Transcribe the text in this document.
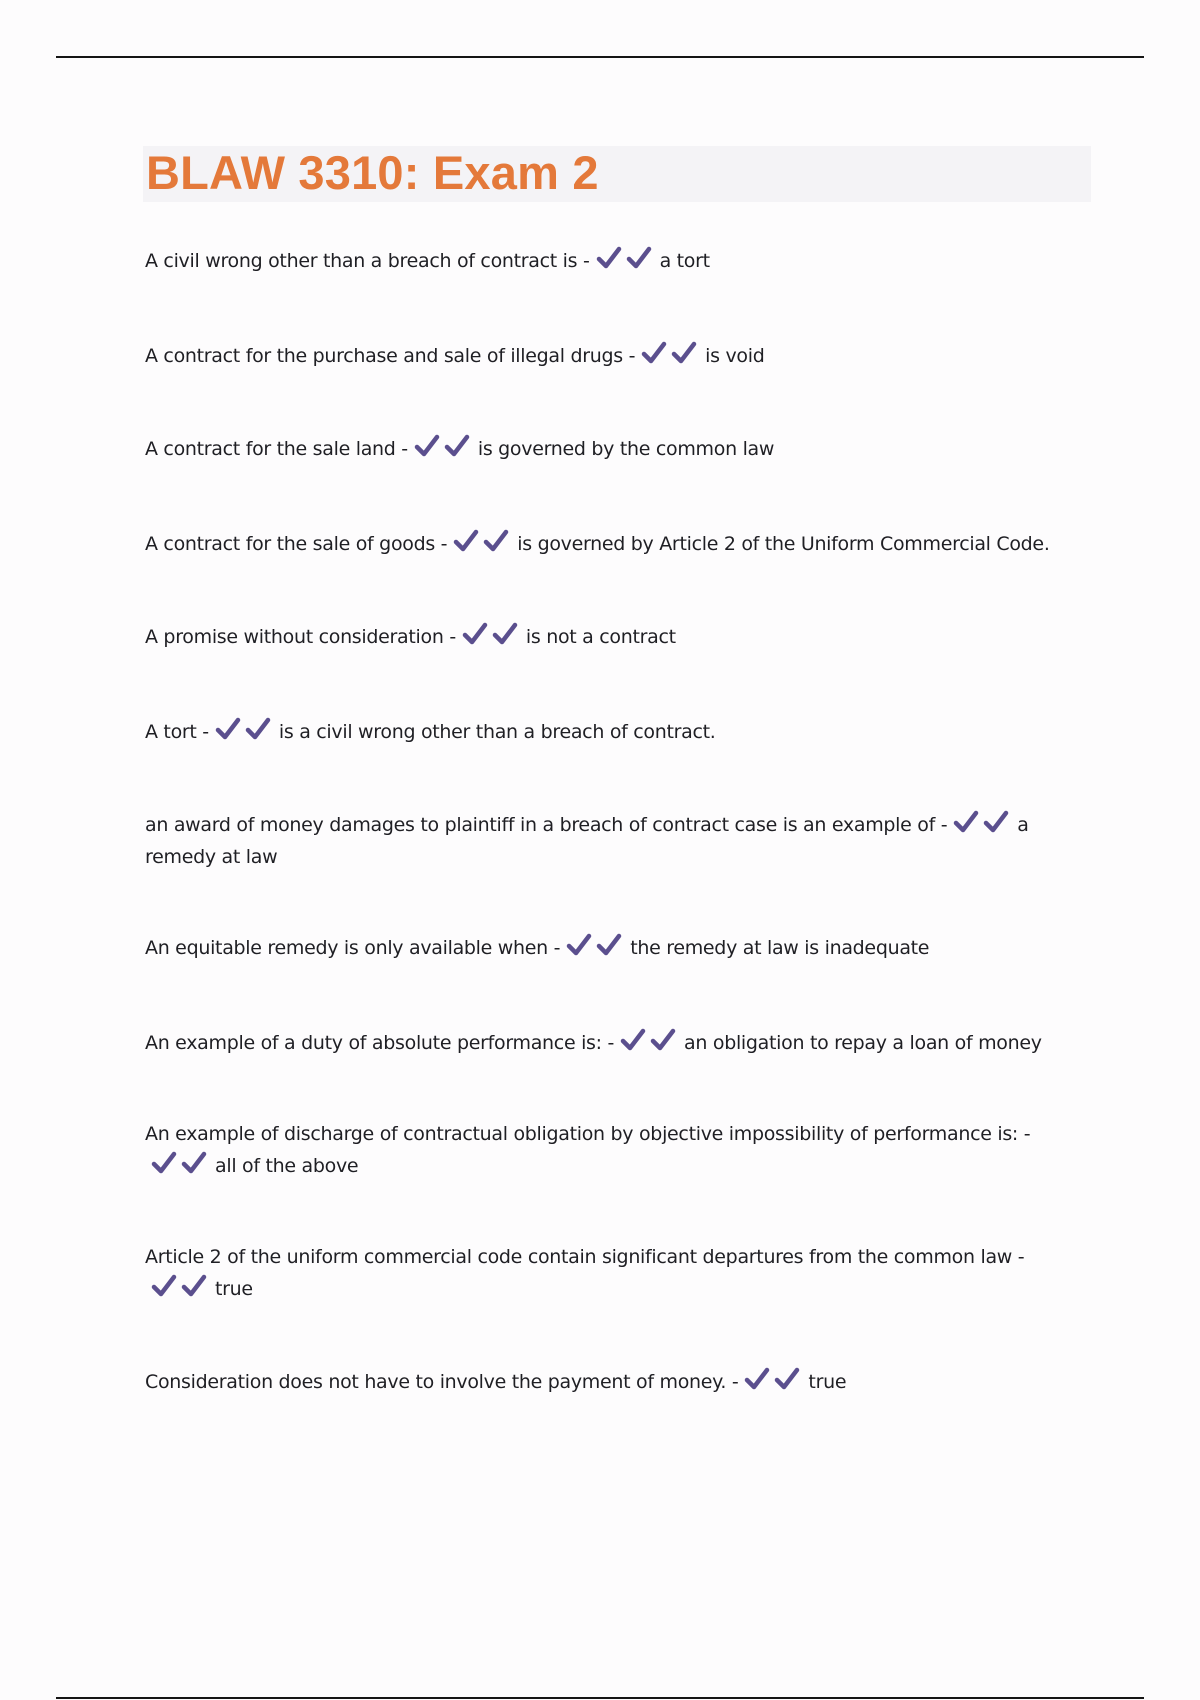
BLAW 3310: Exam 2
A civil wrong other than a breach of contract is -	a tort
A contract for the purchase and sale of illegal drugs -	is void
A contract for the sale land -	is governed by the common law
A contract for the sale of goods -	is governed by Article 2 of the Uniform Commercial Code.
A promise without consideration -	is not a contract
A tort -	is a civil wrong other than a breach of contract.
an award of money damages to plaintiff in a breach of contract case is an example of -	a remedy at law
An equitable remedy is only available when -	the remedy at law is inadequate
An example of a duty of absolute performance is: -	an obligation to repay a loan of money
An example of discharge of contractual obligation by objective impossibility of performance is: -
all of the above
Article 2 of the uniform commercial code contain significant departures from the common law -
true
Consideration does not have to involve the payment of money. -	true
